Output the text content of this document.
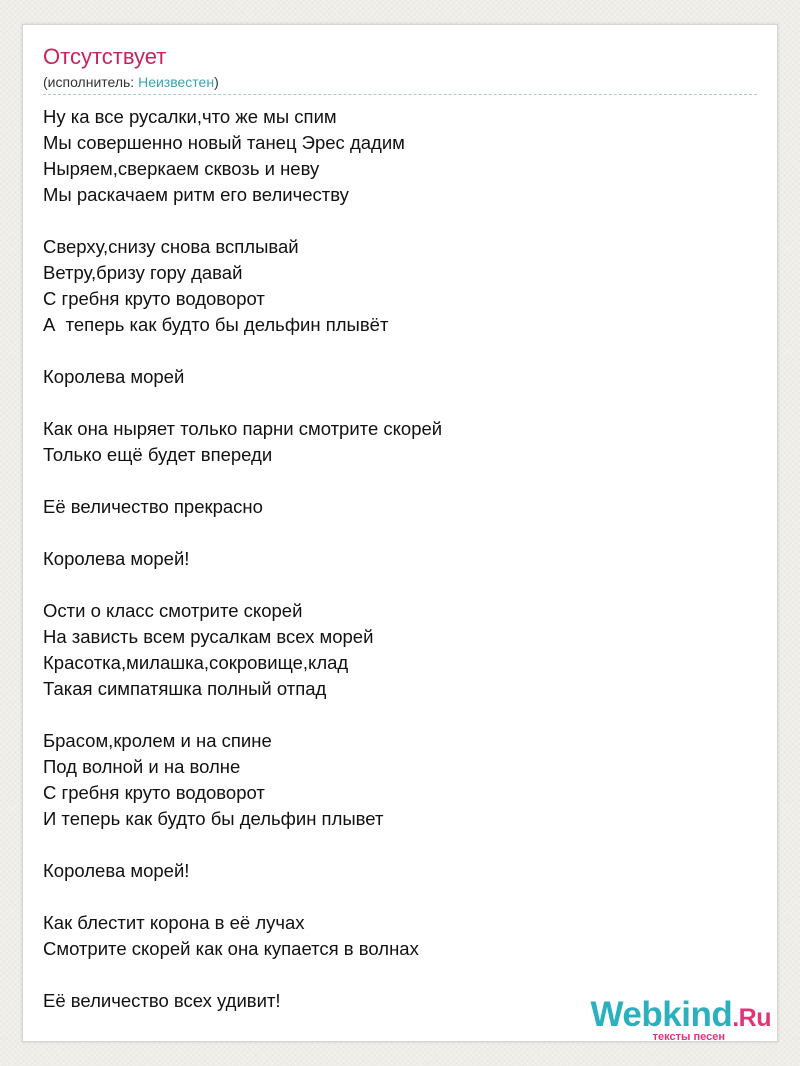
Отсутствует
(исполнитель: Неизвестен)
Ну ка все русалки,что же мы спим
Мы совершенно новый танец Эрес дадим
Ныряем,сверкаем сквозь и неву
Мы раскачаем ритм его величеству
Сверху,снизу снова всплывай
Ветру,бризу гору давай
С гребня круто водоворот
А  теперь как будто бы дельфин плывёт
Королева морей
Как она ныряет только парни смотрите скорей
Только ещё будет впереди
Её величество прекрасно
Королева морей!
Ости о класс смотрите скорей
На зависть всем русалкам всех морей
Красотка,милашка,сокровище,клад
Такая симпатяшка полный отпад
Брасом,кролем и на спине
Под волной и на волне
С гребня круто водоворот
И теперь как будто бы дельфин плывет
Королева морей!
Как блестит корона в её лучах
Смотрите скорей как она купается в волнах
Её величество всех удивит!	Webkind.Ru
тексты песен
